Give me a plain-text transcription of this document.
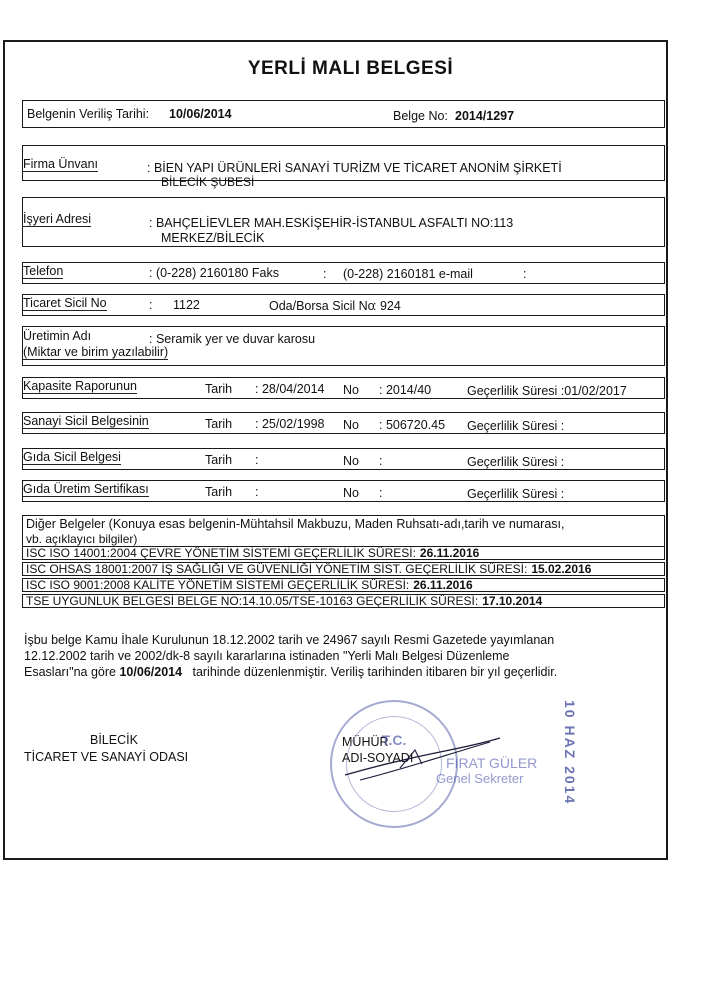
YERLİ MALI BELGESİ
Belgenin Veriliş Tarihi: 10/06/2014	Belge No: 2014/1297
Firma Ünvanı	: BİEN YAPI ÜRÜNLERİ SANAYİ TURİZM VE TİCARET ANONİM ŞİRKETİ
BİLECİK ŞUBESİ
İşyeri Adresi	: BAHÇELİEVLER MAH.ESKİŞEHİR-İSTANBUL ASFALTI NO:113
MERKEZ/BİLECİK
Telefon	: (0-228) 2160180 Faks	: (0-228) 2160181 e-mail	:
Ticaret Sicil No	: 1122	Oda/Borsa Sicil No
: 924
Üretimin Adı
(Miktar ve birim yazılabilir)
: Seramik yer ve duvar karosu
Kapasite Raporunun	Tarih : 28/04/2014 No : 2014/40	Geçerlilik Süresi :01/02/2017
Sanayi Sicil Belgesinin	Tarih : 25/02/1998 No : 506720.45 Geçerlilik Süresi :
Gıda Sicil Belgesi	Tarih :	No :	Geçerlilik Süresi :
Gıda Üretim Sertifikası	Tarih :	No :	Geçerlilik Süresi :
Diğer Belgeler (Konuya esas belgenin-Mühtahsil Makbuzu, Maden Ruhsatı-adı,tarih ve numarası,
vb. açıklayıcı bilgiler)
ISC ISO 14001:2004 ÇEVRE YÖNETİM SİSTEMİ GEÇERLİLİK SÜRESİ: 26.11.2016
ISC OHSAS 18001:2007 İŞ SAĞLIĞI VE GÜVENLİĞİ YÖNETİM SİST. GEÇERLİLİK SÜRESİ: 15.02.2016
ISC ISO 9001:2008 KALİTE YÖNETİM SİSTEMİ GEÇERLİLİK SÜRESİ: 26.11.2016
TSE UYGUNLUK BELGESİ BELGE NO:14.10.05/TSE-10163 GEÇERLİLİK SÜRESİ: 17.10.2014
İşbu belge Kamu İhale Kurulunun 18.12.2002 tarih ve 24967 sayılı Resmi Gazetede yayımlanan
12.12.2002 tarih ve 2002/dk-8 sayılı kararlarına istinaden "Yerli Malı Belgesi Düzenleme
Esasları"na göre 10/06/2014 tarihinde düzenlenmiştir. Veriliş tarihinden itibaren bir yıl geçerlidir.
BİLECİK
TİCARET VE SANAYİ ODASI
MÜHÜR
ADI-SOYADI
T.C.
FIRAT GÜLER
Genel Sekreter	10 HAZ 2014
